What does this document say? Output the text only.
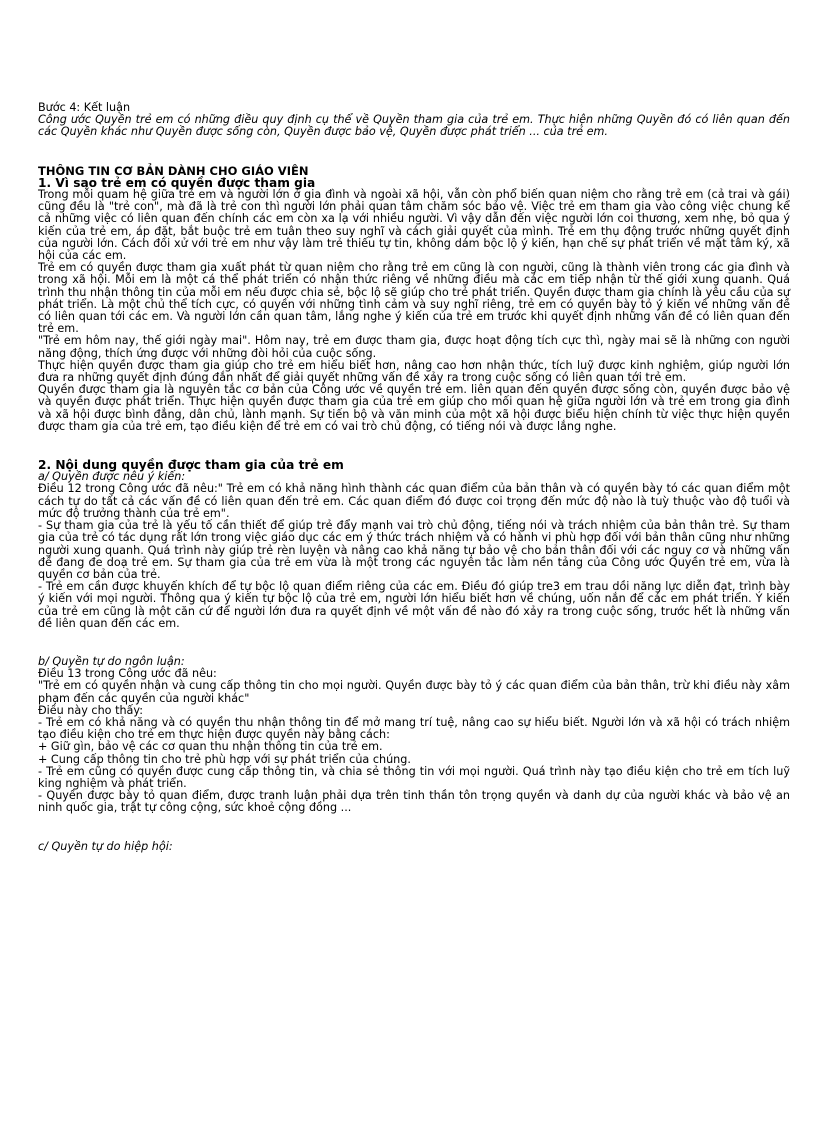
Bước 4: Kết luận

Công ước Quyền trẻ em có những điều quy định cụ thể về Quyền tham gia của trẻ em. Thực hiện những Quyền đó có liên quan đến các Quyền khác như Quyền được sống còn, Quyền được bảo vệ, Quyền được phát triển ... của trẻ em.

THÔNG TIN CƠ BẢN DÀNH CHO GIÁO VIÊN

1. Vì sao trẻ em có quyền được tham gia

Trong mỗi quam hệ giữa trẻ em và người lớn ở gia đình và ngoài xã hội, vẫn còn phổ biến quan niệm cho rằng trẻ em (cả trai và gái) cũng đều là "trẻ con", mà đã là trẻ con thì người lớn phải quan tâm chăm sóc bảo vệ. Việc trẻ em tham gia vào công việc chung kể cả những việc có liên quan đến chính các em còn xa lạ với nhiều người. Vì vậy dẫn đến việc người lớn coi thương, xem nhẹ, bỏ qua ý kiến của trẻ em, áp đặt, bắt buộc trẻ em tuân theo suy nghĩ và cách giải quyết của mình. Trẻ em thụ động trước những quyết định của người lớn. Cách đối xử với trẻ em như vậy làm trẻ thiếu tự tin, không dám bộc lộ ý kiến, hạn chế sự phát triển về mặt tâm ký, xã hội của các em.

Trẻ em có quyền được tham gia xuất phát từ quan niệm cho rằng trẻ em cũng là con người, cũng là thành viên trong các gia đình và trong xã hội. Mỗi em là một cá thể phát triển có nhận thức riêng về những điều mà các em tiếp nhận từ thế giới xung quanh. Quá trình thu nhận thông tin của mỗi em nếu được chia sẻ, bộc lộ sẽ giúp cho trẻ phát triển. Quyền được tham gia chính là yêu cầu của sự phát triển. Là một chủ thể tích cực, có quyền với những tình cảm và suy nghĩ riêng, trẻ em có quyền bày tỏ ý kiến về những vấn đề có liên quan tới các em. Và người lớn cần quan tâm, lắng nghe ý kiến của trẻ em trước khi quyết định những vấn đề có liên quan đến trẻ em.

"Trẻ em hôm nay, thế giới ngày mai". Hôm nay, trẻ em được tham gia, được hoạt động tích cực thì, ngày mai sẽ là những con người năng động, thích ứng được với những đòi hỏi của cuộc sống.

Thực hiện quyền được tham gia giúp cho trẻ em hiểu biết hơn, nâng cao hơn nhận thức, tích luỹ được kinh nghiệm, giúp người lớn đưa ra những quyết định đúng đắn nhất để giải quyết những vấn đề xảy ra trong cuộc sống có liên quan tới trẻ em.

Quyền được tham gia là nguyên tắc cơ bản của Công ước về quyền trẻ em. liên quan đến quyền được sống còn, quyền được bảo vệ và quyền được phát triển. Thực hiện quyền được tham gia của trẻ em giúp cho mối quan hệ giữa người lớn và trẻ em trong gia đình và xã hội được bình đẳng, dân chủ, lành mạnh. Sự tiến bộ và văn minh của một xã hội được biểu hiện chính từ việc thực hiện quyền được tham gia của trẻ em, tạo điều kiện để trẻ em có vai trò chủ động, có tiếng nói và được lắng nghe.

2. Nội dung quyền được tham gia của trẻ em

a/ Quyền được nêu ý kiến:

Điều 12 trong Công ước đã nêu:" Trẻ em có khả năng hình thành các quan điểm của bản thân và có quyền bày tó các quan điểm một cách tự do tất cả các vấn đề có liên quan đến trẻ em. Các quan điểm đó được coi trọng đến mức độ nào là tuỳ thuộc vào độ tuổi và mức độ trưởng thành của trẻ em".

- Sự tham gia của trẻ là yếu tố cần thiết để giúp trẻ đẩy mạnh vai trò chủ động, tiếng nói và trách nhiệm của bản thân trẻ. Sự tham gia của trẻ có tác dụng rất lớn trong việc giáo dục các em ý thức trách nhiệm và có hành vi phù hợp đối với bản thân cũng như những người xung quanh. Quá trình này giúp trẻ rèn luyện và nâng cao khả năng tự bảo vệ cho bản thân đối với các nguy cơ và những vấn đề đang đe doạ trẻ em. Sự tham gia của trẻ em vừa là một trong các nguyên tắc làm nền tảng của Công ước Quyền trẻ em, vừa là quyền cơ bản của trẻ.

- Trẻ em cần được khuyến khích để tự bộc lộ quan điểm riêng của các em. Điều đó giúp tre3 em trau dồi năng lực diễn đạt, trình bày ý kiến với mọi người. Thông qua ý kiến tự bộc lộ của trẻ em, người lớn hiểu biết hơn về chúng, uốn nắn để các em phát triển. Ý kiến của trẻ em cũng là một căn cứ để người lớn đưa ra quyết định về một vấn đề nào đó xảy ra trong cuộc sống, trước hết là những vấn đề liên quan đến các em.

b/ Quyền tự do ngôn luận:

Điều 13 trong Công ước đã nêu:

"Trẻ em có quyền nhận và cung cấp thông tin cho mọi người. Quyền được bày tỏ ý các quan điểm của bản thân, trừ khi điều này xâm phạm đến các quyền của người khác"

Điều này cho thấy:

- Trẻ em có khả năng và có quyền thu nhận thông tin để mở mang trí tuệ, nâng cao sự hiểu biết. Người lớn và xã hội có trách nhiệm tạo điều kiện cho trẻ em thực hiện được quyền này bằng cách:

+ Giữ gìn, bảo vệ các cơ quan thu nhận thông tin của trẻ em.

+ Cung cấp thông tin cho trẻ phù hợp với sự phát triển của chúng.

- Trẻ em cũng có quyền được cung cấp thông tin, và chia sẻ thông tin với mọi người. Quá trình này tạo điều kiện cho trẻ em tích luỹ king nghiệm và phát triển.

- Quyền được bày tỏ quan điểm, được tranh luận phải dựa trên tinh thần tôn trọng quyền và danh dự của người khác và bảo vệ an ninh quốc gia, trật tự công cộng, sức khoẻ cộng đồng ...

c/ Quyền tự do hiệp hội:
